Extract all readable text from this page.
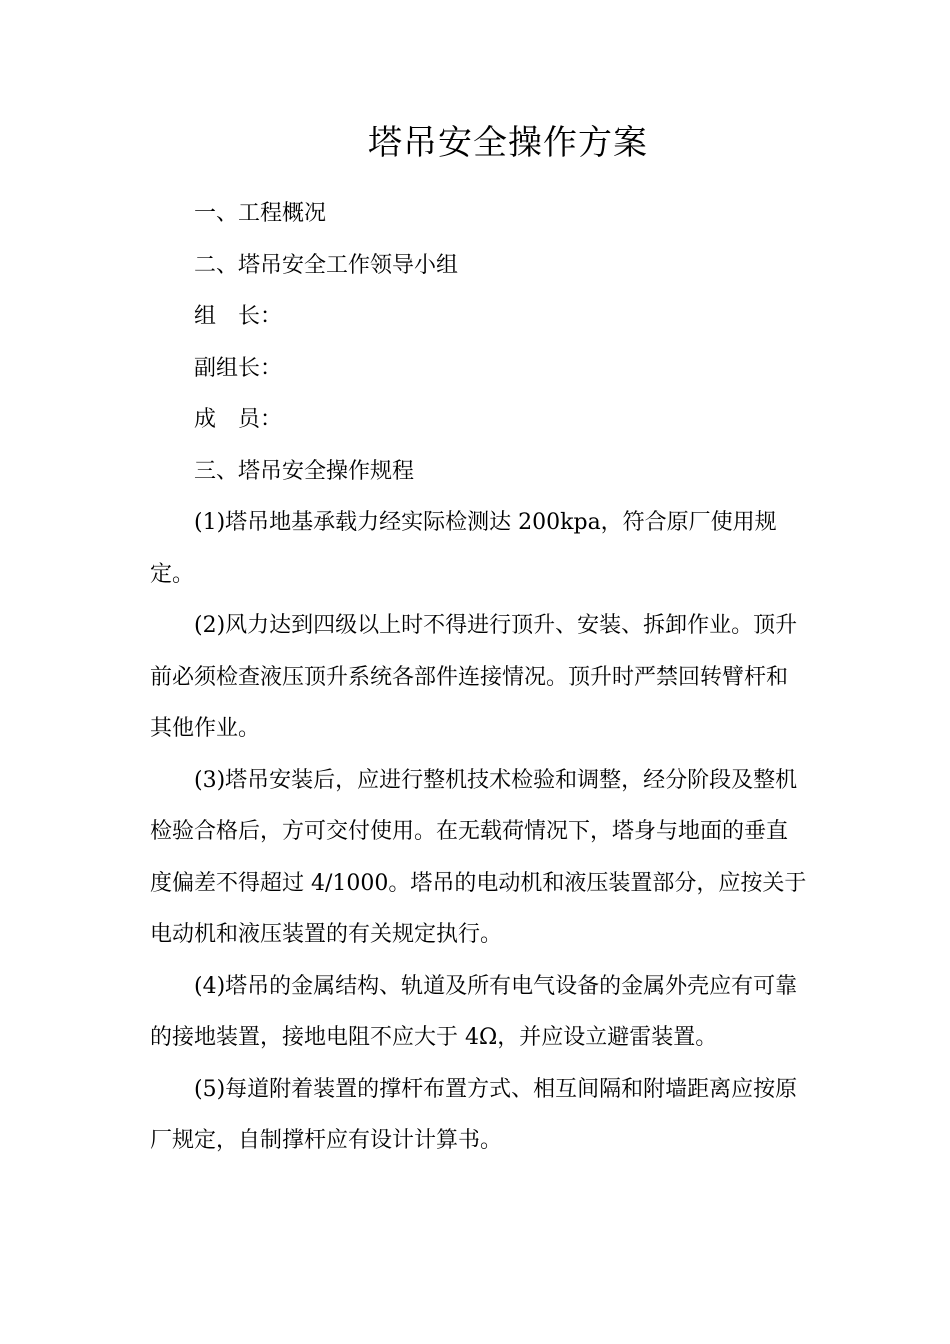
塔吊安全操作方案
一、工程概况
二、塔吊安全工作领导小组
组　长：
副组长：
成　员：
三、塔吊安全操作规程
(1)塔吊地基承载力经实际检测达 200kpa，符合原厂使用规
定。
(2)风力达到四级以上时不得进行顶升、安装、拆卸作业。顶升
前必须检查液压顶升系统各部件连接情况。顶升时严禁回转臂杆和
其他作业。
(3)塔吊安装后，应进行整机技术检验和调整，经分阶段及整机
检验合格后，方可交付使用。在无载荷情况下，塔身与地面的垂直
度偏差不得超过 4/1000。塔吊的电动机和液压装置部分，应按关于
电动机和液压装置的有关规定执行。
(4)塔吊的金属结构、轨道及所有电气设备的金属外壳应有可靠
的接地装置，接地电阻不应大于 4Ω，并应设立避雷装置。
(5)每道附着装置的撑杆布置方式、相互间隔和附墙距离应按原
厂规定，自制撑杆应有设计计算书。
